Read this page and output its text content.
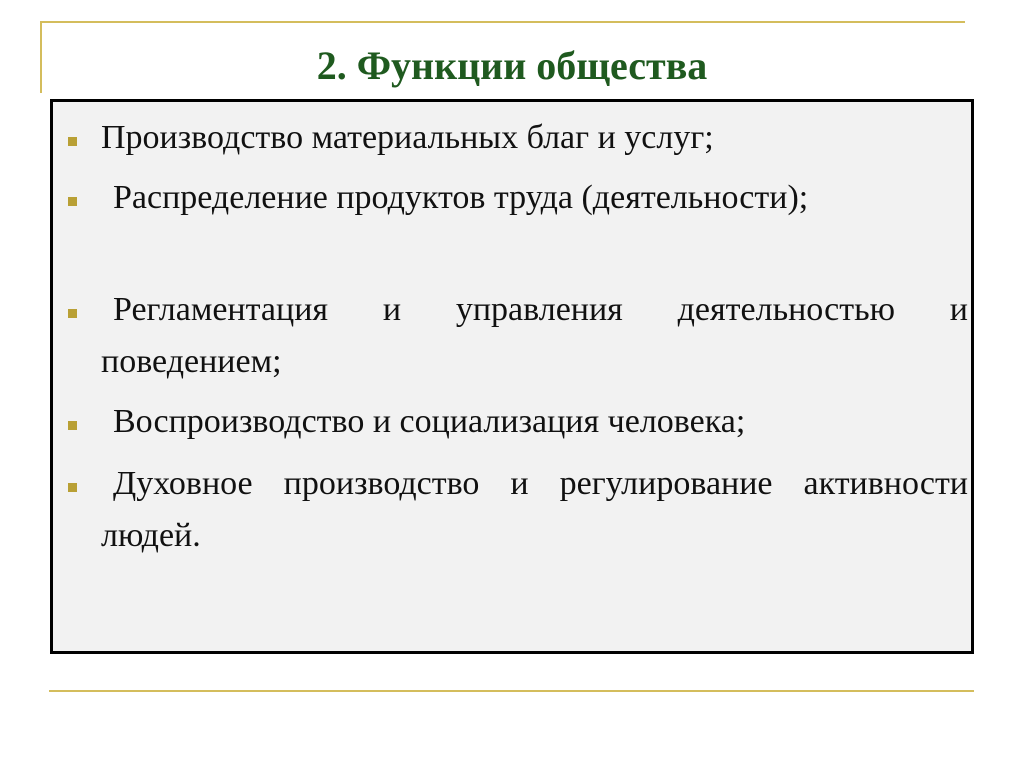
2. Функции общества

Производство материальных благ и услуг;

Распределение продуктов труда (деятельности);

Регламентация и управления деятельностью и поведением;

Воспроизводство и социализация человека;

Духовное производство и регулирование активности людей.
